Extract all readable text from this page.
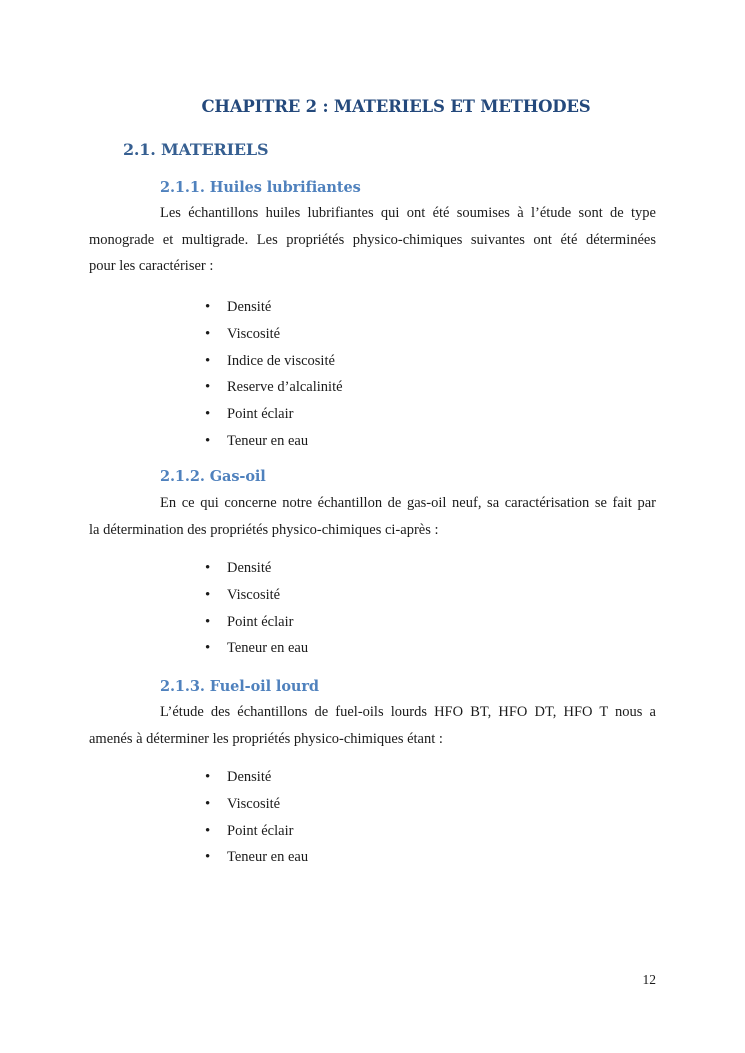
CHAPITRE 2 : MATERIELS ET METHODES
2.1. MATERIELS
2.1.1. Huiles lubrifiantes
Les échantillons huiles lubrifiantes qui ont été soumises à l’étude sont de type
monograde et multigrade. Les propriétés physico-chimiques suivantes ont été déterminées
pour les caractériser :
•	Densité
•	Viscosité
•	Indice de viscosité
•	Reserve d’alcalinité
•	Point éclair
•	Teneur en eau
2.1.2. Gas-oil
En ce qui concerne notre échantillon de gas-oil neuf, sa caractérisation se fait par
la détermination des propriétés physico-chimiques ci-après :
•	Densité
•	Viscosité
•	Point éclair
•	Teneur en eau
2.1.3. Fuel-oil lourd
L’étude des échantillons de fuel-oils lourds HFO BT, HFO DT, HFO T nous a
amenés à déterminer les propriétés physico-chimiques étant :
•	Densité
•	Viscosité
•	Point éclair
•	Teneur en eau
12
